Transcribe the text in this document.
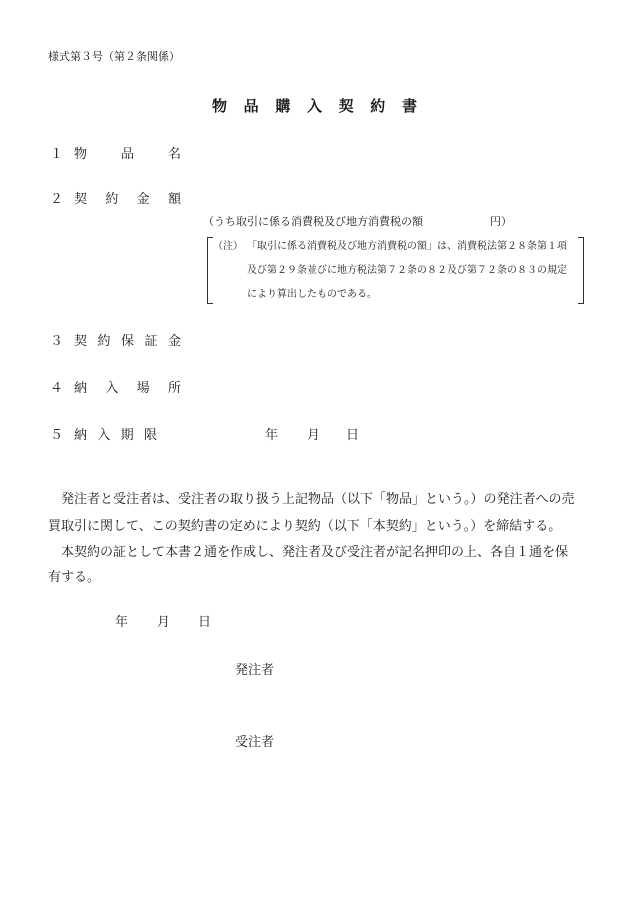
様式第３号（第２条関係）
物 品 購 入 契 約 書
１ 物	品	名
２ 契 約 金 額
（うち取引に係る消費税及び地方消費税の額	円）
（注） 「取引に係る消費税及び地方消費税の額」は、消費税法第２８条第１項
及び第２９条並びに地方税法第７２条の８２及び第７２条の８３の規定
により算出したものである。
３ 契 約 保 証 金
４ 納 入 場 所
５ 納 入 期 限	年 月 日
　発注者と受注者は、受注者の取り扱う上記物品（以下「物品」という。）の発注者への売
買取引に関して、この契約書の定めにより契約（以下「本契約」という。）を締結する。
　本契約の証として本書２通を作成し、発注者及び受注者が記名押印の上、各自１通を保
有する。
年 月 日
発注者
受注者
